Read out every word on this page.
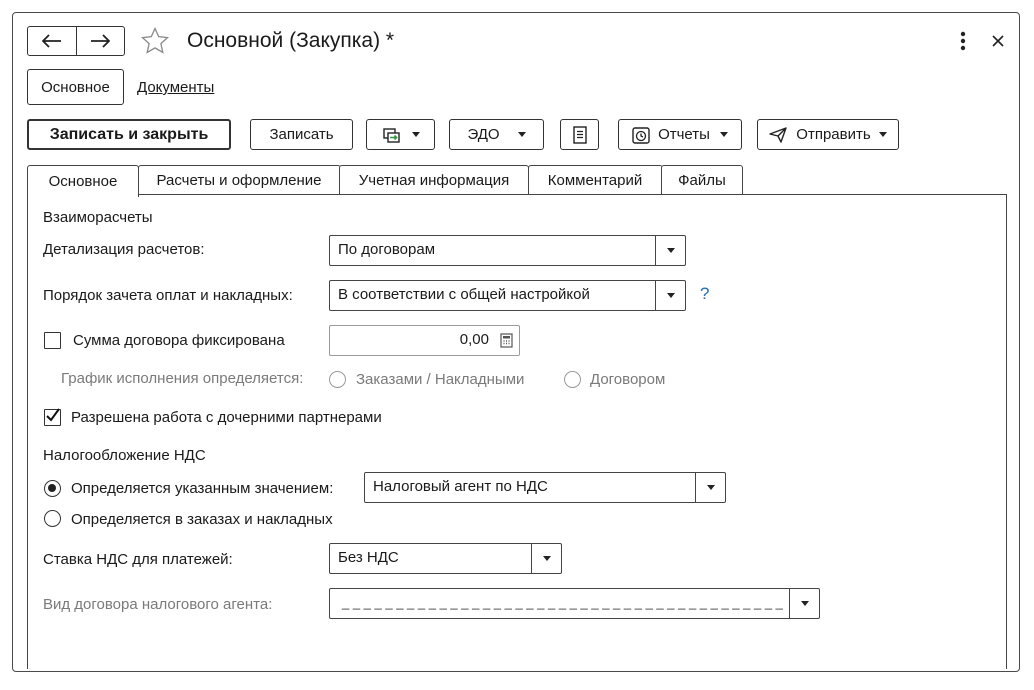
Основной (Закупка) *
Основное	Документы
Записать и закрыть	Записать	ЭДО	Отчеты	Отправить
Основное	Расчеты и оформление	Учетная информация	Комментарий	Файлы
Взаиморасчеты
Детализация расчетов:	По договорам
Порядок зачета оплат и накладных:	В соответствии с общей настройкой	?
Сумма договора фиксирована	0,00
График исполнения определяется:	Заказами / Накладными	Договором
Разрешена работа с дочерними партнерами
Налогообложение НДС
Определяется указанным значением:	Налоговый агент по НДС
Определяется в заказах и накладных
Ставка НДС для платежей:	Без НДС
Вид договора налогового агента:	_ _ _ _ _ _ _ _ _ _ _ _ _ _ _ _ _ _ _ _ _ _ _ _ _ _ _ _ _ _ _ _ _ _ _ _ _ _ _ _ _
